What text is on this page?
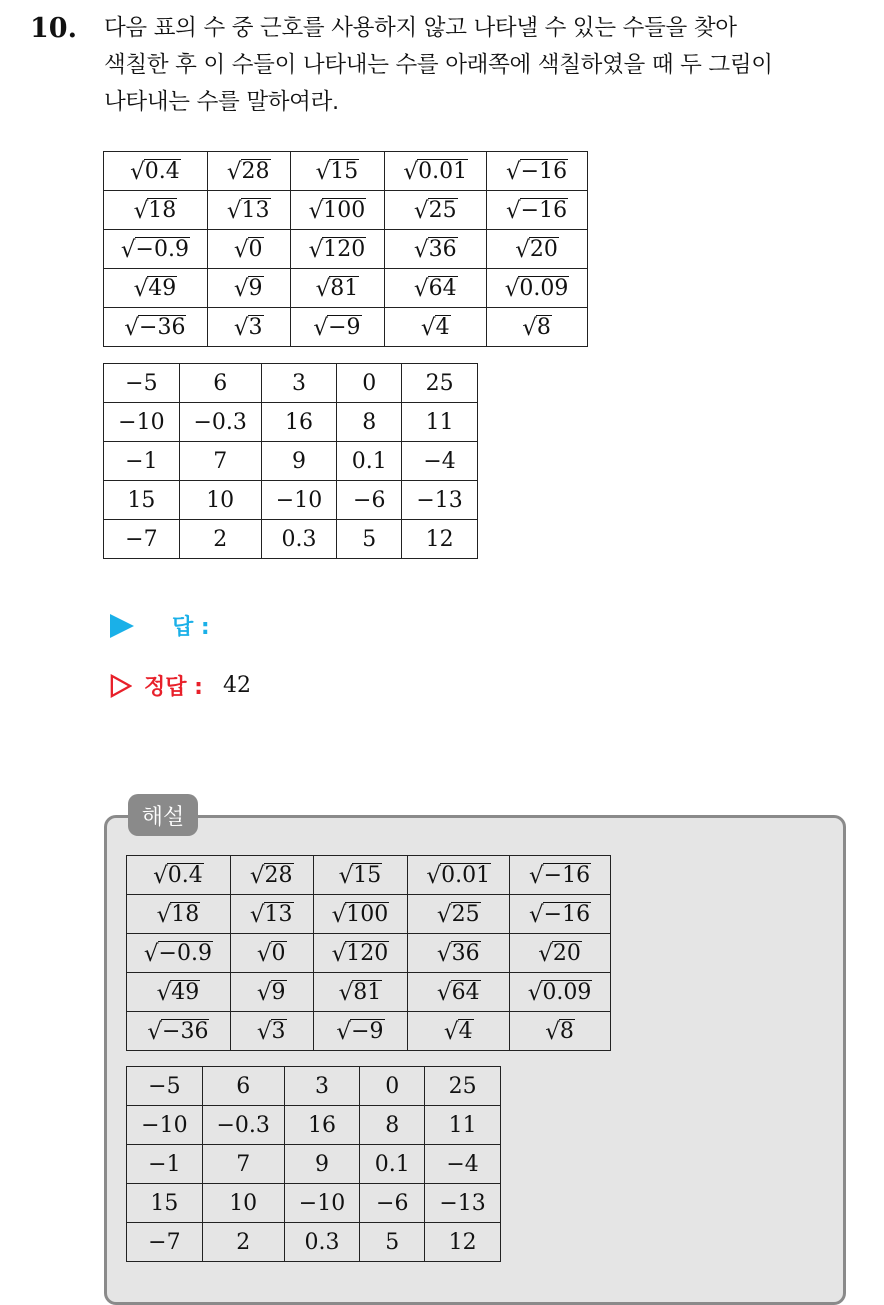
10. 다음 표의 수 중 근호를 사용하지 않고 나타낼 수 있는 수들을 찾아
색칠한 후 이 수들이 나타내는 수를 아래쪽에 색칠하였을 때 두 그림이
나타내는 수를 말하여라.
√ 0.4	√ 28	√ 15	√ 0.01	√ −16

√ 18	√ 13	√ 100	√ 25	√ −16

√ −0.9	√ 0	√ 120	√ 36	√ 20

√ 49	√ 9	√ 81	√ 64	√ 0.09

√ −36	√ 3	√ −9	√ 4	√ 8
−5	6	3	0	25
−10	−0.3	16	8	11
−1	7	9	0.1	−4
15	10	−10	−6	−13
−7	2	0.3	5	12
답 :
정답 : 42
해설
√ 0.4	√ 28	√ 15	√ 0.01	√ −16

√ 18	√ 13	√ 100	√ 25	√ −16

√ −0.9	√ 0	√ 120	√ 36	√ 20

√ 49	√ 9	√ 81	√ 64	√ 0.09

√ −36	√ 3	√ −9	√ 4	√ 8
−5	6	3	0	25
−10	−0.3	16	8	11
−1	7	9	0.1	−4
15	10	−10	−6	−13
−7	2	0.3	5	12
